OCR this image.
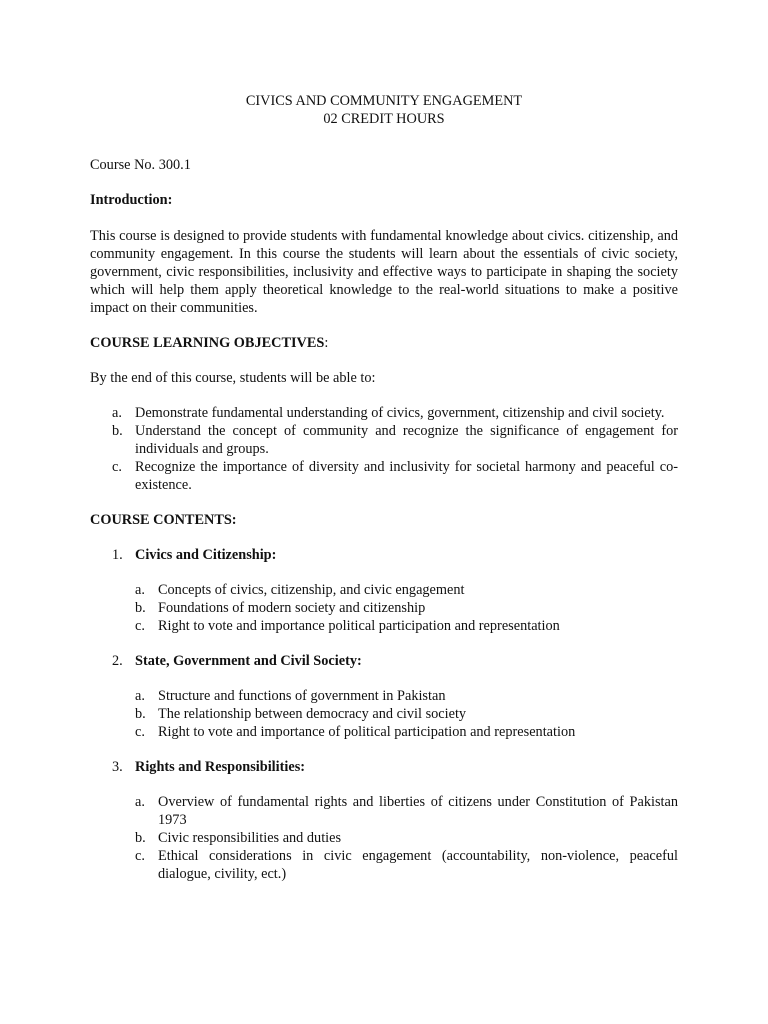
CIVICS AND COMMUNITY ENGAGEMENT

02 CREDIT HOURS

Course No. 300.1

Introduction:

This course is designed to provide students with fundamental knowledge about civics. citizenship, and community engagement. In this course the students will learn about the essentials of civic society, government, civic responsibilities, inclusivity and effective ways to participate in shaping the society which will help them apply theoretical knowledge to the real-world situations to make a positive impact on their communities.

COURSE LEARNING OBJECTIVES:

By the end of this course, students will be able to:

a. Demonstrate fundamental understanding of civics, government, citizenship and civil society.
b. Understand the concept of community and recognize the significance of engagement for individuals and groups.
c. Recognize the importance of diversity and inclusivity for societal harmony and peaceful co-existence.

COURSE CONTENTS:

1. Civics and Citizenship:

a. Concepts of civics, citizenship, and civic engagement
b. Foundations of modern society and citizenship
c. Right to vote and importance political participation and representation

2. State, Government and Civil Society:

a. Structure and functions of government in Pakistan
b. The relationship between democracy and civil society
c. Right to vote and importance of political participation and representation

3. Rights and Responsibilities:

a. Overview of fundamental rights and liberties of citizens under Constitution of Pakistan 1973
b. Civic responsibilities and duties
c. Ethical considerations in civic engagement (accountability, non-violence, peaceful dialogue, civility, ect.)
